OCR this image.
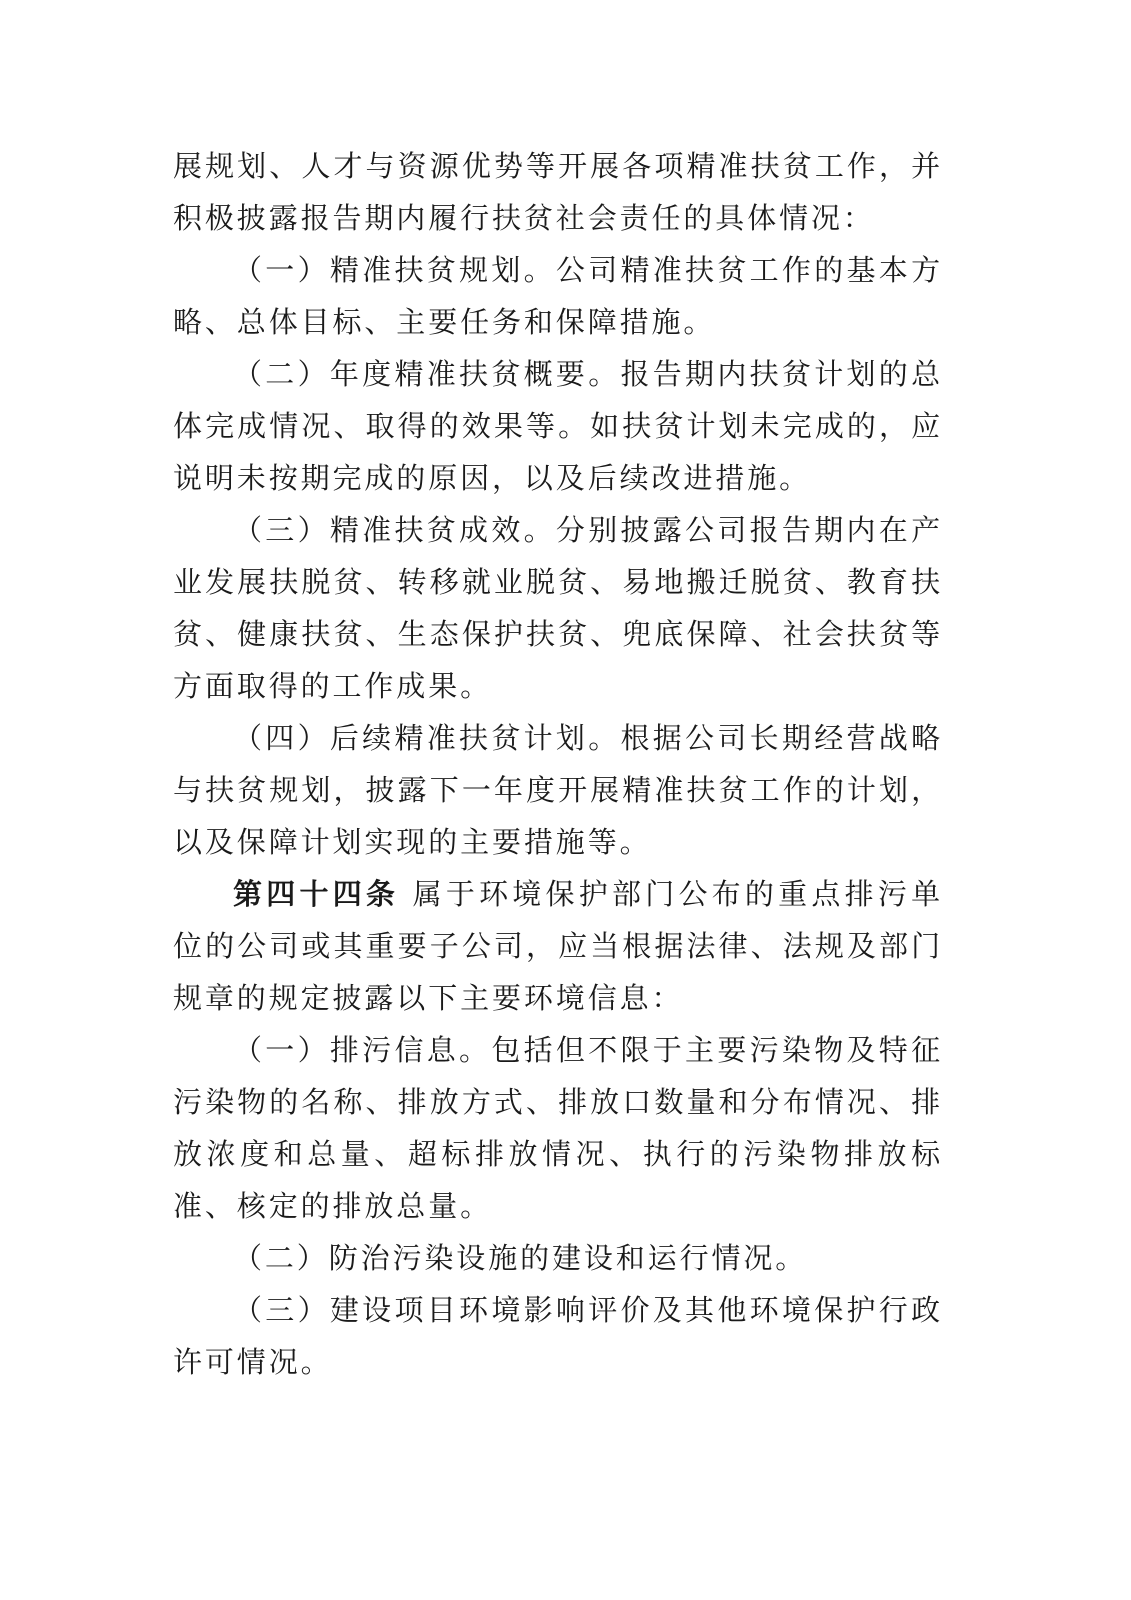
展规划、人才与资源优势等开展各项精准扶贫工作，并积极披露报告期内履行扶贫社会责任的具体情况：

（一）精准扶贫规划。公司精准扶贫工作的基本方略、总体目标、主要任务和保障措施。

（二）年度精准扶贫概要。报告期内扶贫计划的总体完成情况、取得的效果等。如扶贫计划未完成的，应说明未按期完成的原因，以及后续改进措施。

（三）精准扶贫成效。分别披露公司报告期内在产业发展扶脱贫、转移就业脱贫、易地搬迁脱贫、教育扶贫、健康扶贫、生态保护扶贫、兜底保障、社会扶贫等方面取得的工作成果。

（四）后续精准扶贫计划。根据公司长期经营战略与扶贫规划，披露下一年度开展精准扶贫工作的计划，以及保障计划实现的主要措施等。

第四十四条 属于环境保护部门公布的重点排污单位的公司或其重要子公司，应当根据法律、法规及部门规章的规定披露以下主要环境信息：

（一）排污信息。包括但不限于主要污染物及特征污染物的名称、排放方式、排放口数量和分布情况、排放浓度和总量、超标排放情况、执行的污染物排放标准、核定的排放总量。

（二）防治污染设施的建设和运行情况。

（三）建设项目环境影响评价及其他环境保护行政许可情况。
